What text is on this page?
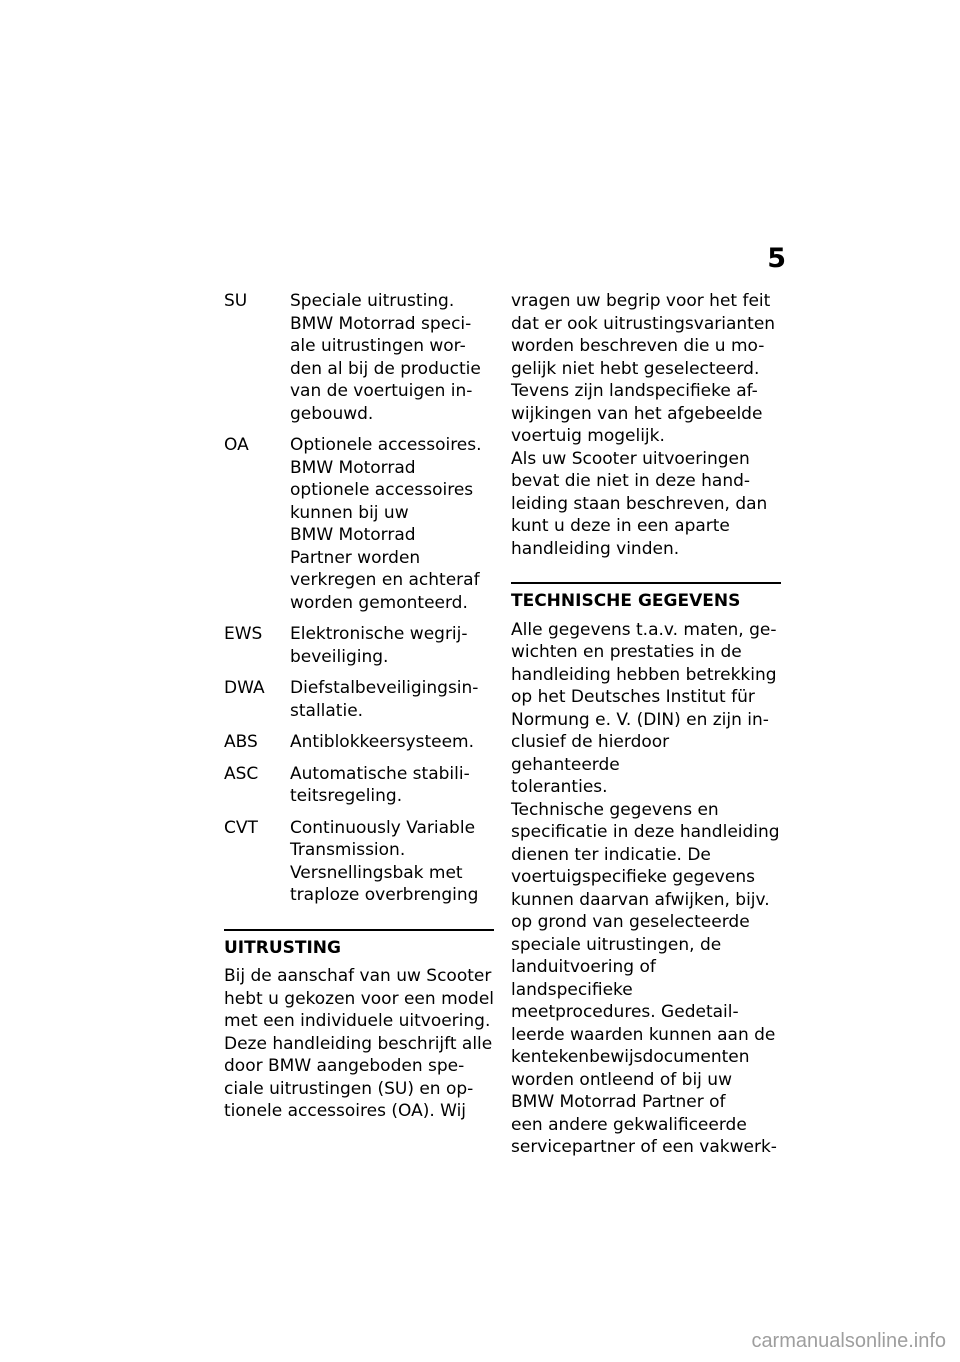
5
SU	Speciale uitrusting.
BMW Motorrad speci-
ale uitrustingen wor-
den al bij de productie
van de voertuigen in-
gebouwd.
OA	Optionele accessoires.
BMW Motorrad
optionele accessoires
kunnen bij uw
BMW Motorrad
Partner worden
verkregen en achteraf
worden gemonteerd.
EWS	Elektronische wegrij-
beveiliging.
DWA	Diefstalbeveiligingsin-
stallatie.
ABS	Antiblokkeersysteem.
ASC	Automatische stabili-
teitsregeling.
CVT	Continuously Variable
Transmission.
Versnellingsbak met
traploze overbrenging
UITRUSTING

Bij de aanschaf van uw Scooter
hebt u gekozen voor een model
met een individuele uitvoering.
Deze handleiding beschrijft alle
door BMW aangeboden spe-
ciale uitrustingen (SU) en op-
tionele accessoires (OA). Wij

vragen uw begrip voor het feit
dat er ook uitrustingsvarianten
worden beschreven die u mo-
gelijk niet hebt geselecteerd.
Tevens zijn landspecifieke af-
wijkingen van het afgebeelde
voertuig mogelijk.

Als uw Scooter uitvoeringen
bevat die niet in deze hand-
leiding staan beschreven, dan
kunt u deze in een aparte
handleiding vinden.

TECHNISCHE GEGEVENS

Alle gegevens t.a.v. maten, ge-
wichten en prestaties in de
handleiding hebben betrekking
op het Deutsches Institut für
Normung e. V. (DIN) en zijn in-
clusief de hierdoor gehanteerde
toleranties.

Technische gegevens en
specificatie in deze handleiding
dienen ter indicatie. De
voertuigspecifieke gegevens
kunnen daarvan afwijken, bijv.
op grond van geselecteerde
speciale uitrustingen, de
landuitvoering of landspecifieke
meetprocedures. Gedetail-
leerde waarden kunnen aan de
kentekenbewijsdocumenten
worden ontleend of bij uw
BMW Motorrad Partner of
een andere gekwalificeerde
servicepartner of een vakwerk-

carmanualsonline.info
